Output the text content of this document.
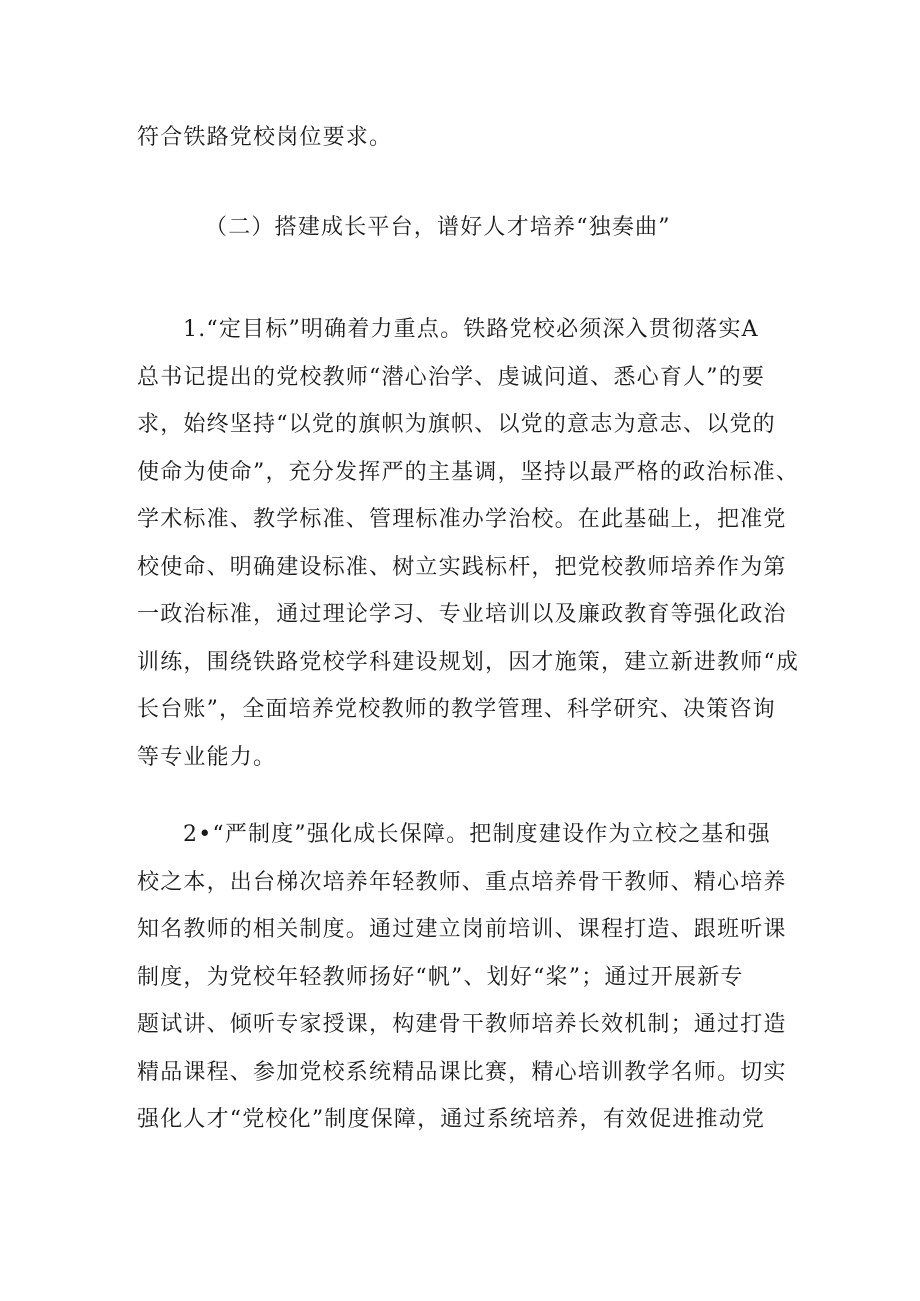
符合铁路党校岗位要求。
（二）搭建成长平台，谱好人才培养“独奏曲”
1.“定目标”明确着力重点。铁路党校必须深入贯彻落实A
总书记提出的党校教师“潜心治学、虔诚问道、悉心育人”的要
求，始终坚持“以党的旗帜为旗帜、以党的意志为意志、以党的
使命为使命”，充分发挥严的主基调，坚持以最严格的政治标准、
学术标准、教学标准、管理标准办学治校。在此基础上，把准党
校使命、明确建设标准、树立实践标杆，把党校教师培养作为第
一政治标准，通过理论学习、专业培训以及廉政教育等强化政治
训练，围绕铁路党校学科建设规划，因才施策，建立新进教师“成
长台账”，全面培养党校教师的教学管理、科学研究、决策咨询
等专业能力。
2•“严制度”强化成长保障。把制度建设作为立校之基和强
校之本，出台梯次培养年轻教师、重点培养骨干教师、精心培养
知名教师的相关制度。通过建立岗前培训、课程打造、跟班听课
制度，为党校年轻教师扬好“帆”、划好“桨”；通过开展新专
题试讲、倾听专家授课，构建骨干教师培养长效机制；通过打造
精品课程、参加党校系统精品课比赛，精心培训教学名师。切实
强化人才“党校化”制度保障，通过系统培养，有效促进推动党
